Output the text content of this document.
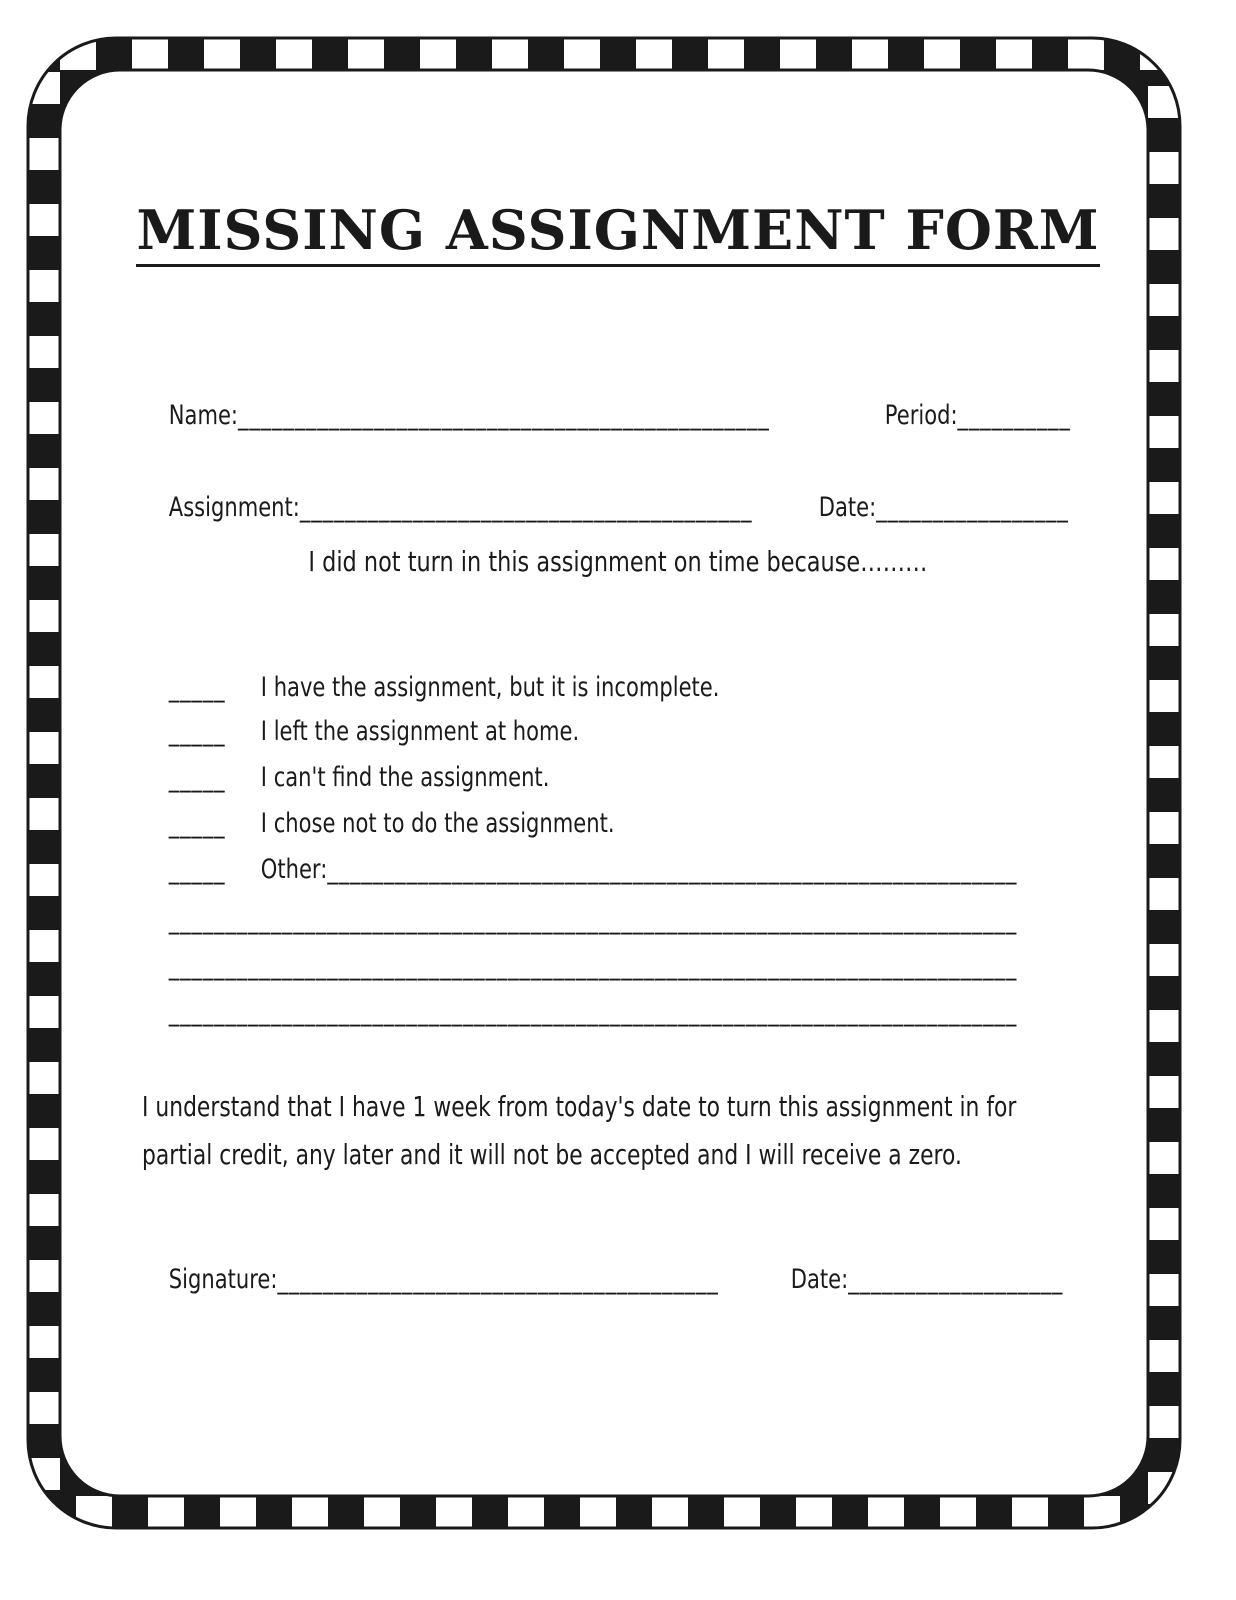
MISSING ASSIGNMENT FORM

Name:_______________________________________________
	Period:__________

Assignment:________________________________________
	Date:_________________

I did not turn in this assignment on time because………

_____
	I have the assignment, but it is incomplete.

_____
	I left the assignment at home.

_____
	I can't find the assignment.

_____
	I chose not to do the assignment.

_____
	Other:_____________________________________________________________

___________________________________________________________________________

___________________________________________________________________________

___________________________________________________________________________

I understand that I have 1 week from today's date to turn this assignment in for
partial credit, any later and it will not be accepted and I will receive a zero.

Signature:_______________________________________
	Date:___________________
